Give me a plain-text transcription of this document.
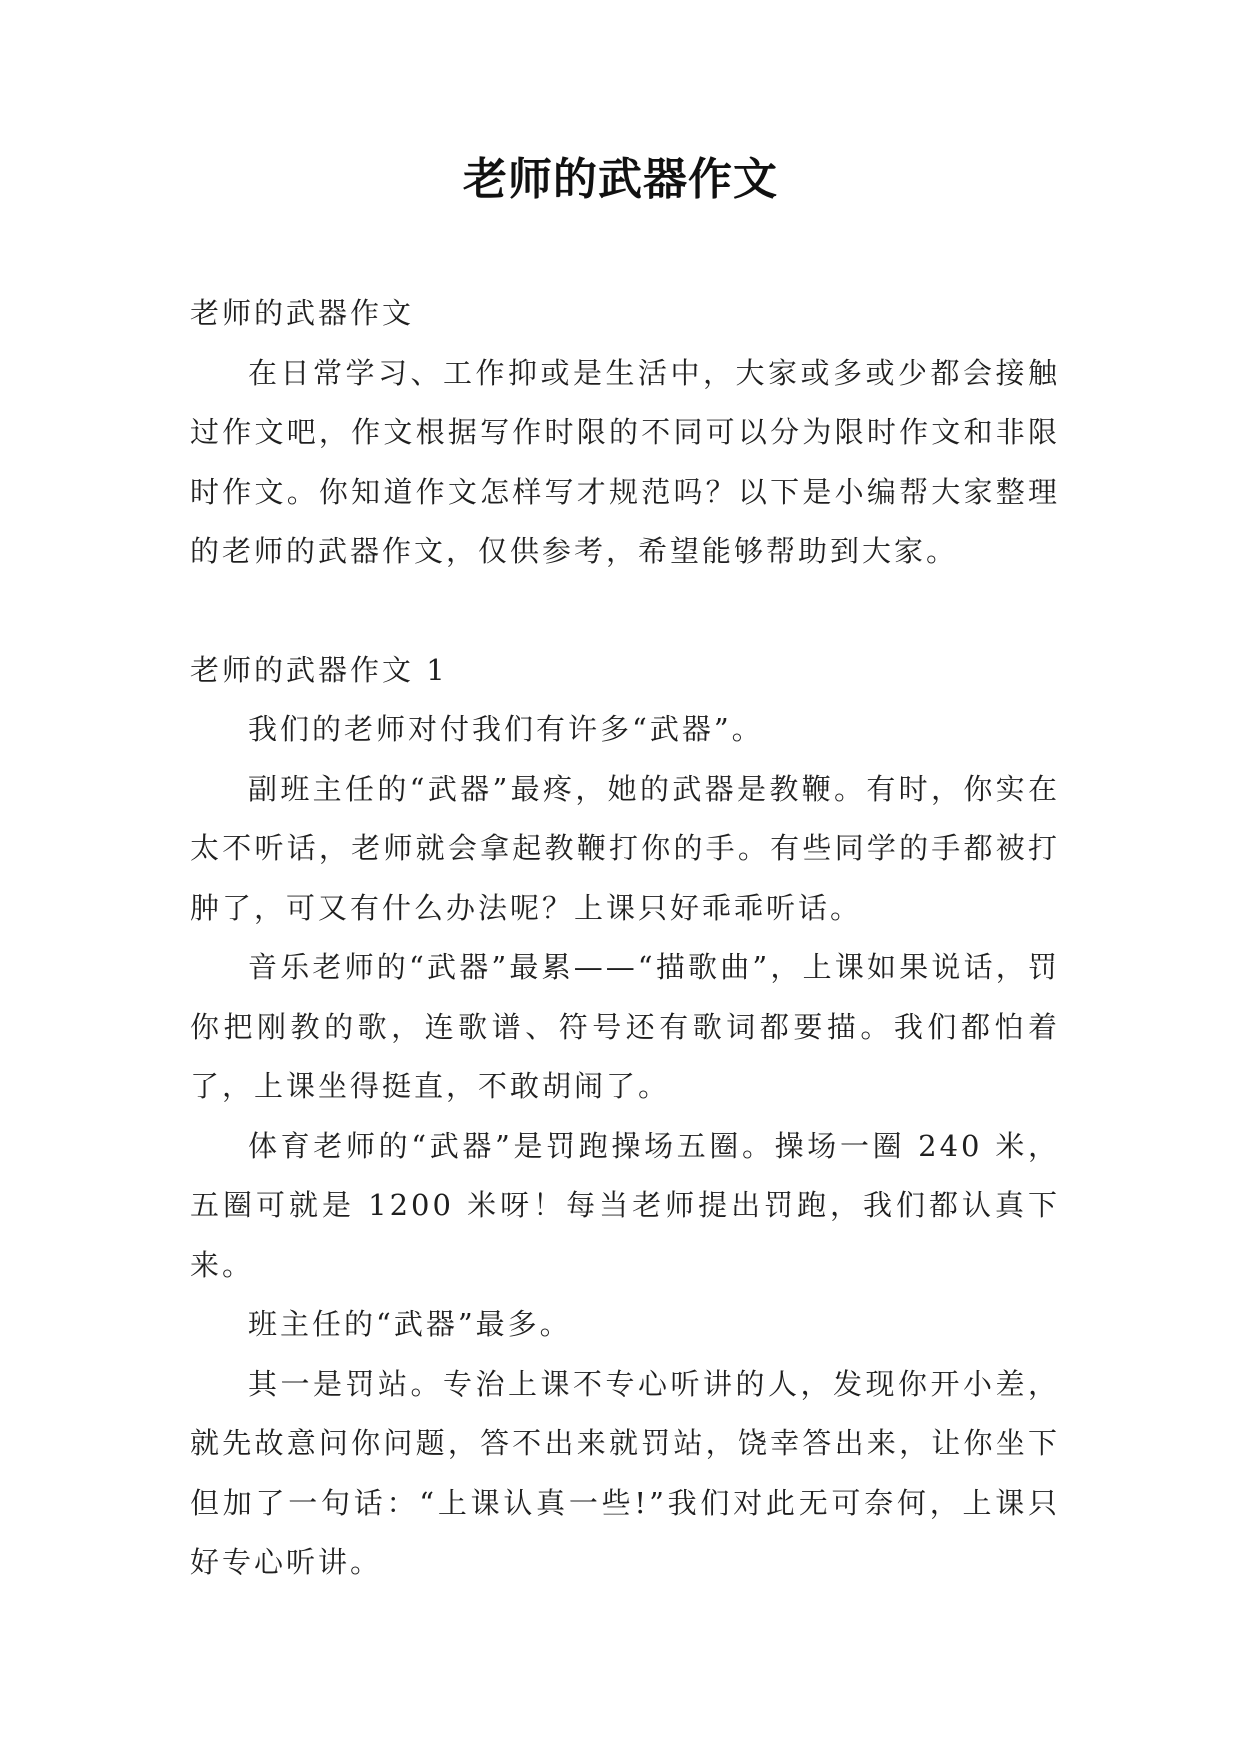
老师的武器作文

老师的武器作文

在日常学习、工作抑或是生活中，大家或多或少都会接触过作文吧，作文根据写作时限的不同可以分为限时作文和非限时作文。你知道作文怎样写才规范吗？以下是小编帮大家整理的老师的武器作文，仅供参考，希望能够帮助到大家。

老师的武器作文 1

我们的老师对付我们有许多“武器”。

副班主任的“武器”最疼，她的武器是教鞭。有时，你实在太不听话，老师就会拿起教鞭打你的手。有些同学的手都被打肿了，可又有什么办法呢？上课只好乖乖听话。

音乐老师的“武器”最累——“描歌曲”，上课如果说话，罚你把刚教的歌，连歌谱、符号还有歌词都要描。我们都怕着了，上课坐得挺直，不敢胡闹了。

体育老师的“武器”是罚跑操场五圈。操场一圈 240 米，五圈可就是 1200 米呀！每当老师提出罚跑，我们都认真下来。

班主任的“武器”最多。

其一是罚站。专治上课不专心听讲的人，发现你开小差，就先故意问你问题，答不出来就罚站，饶幸答出来，让你坐下但加了一句话：“上课认真一些!”我们对此无可奈何，上课只好专心听讲。
